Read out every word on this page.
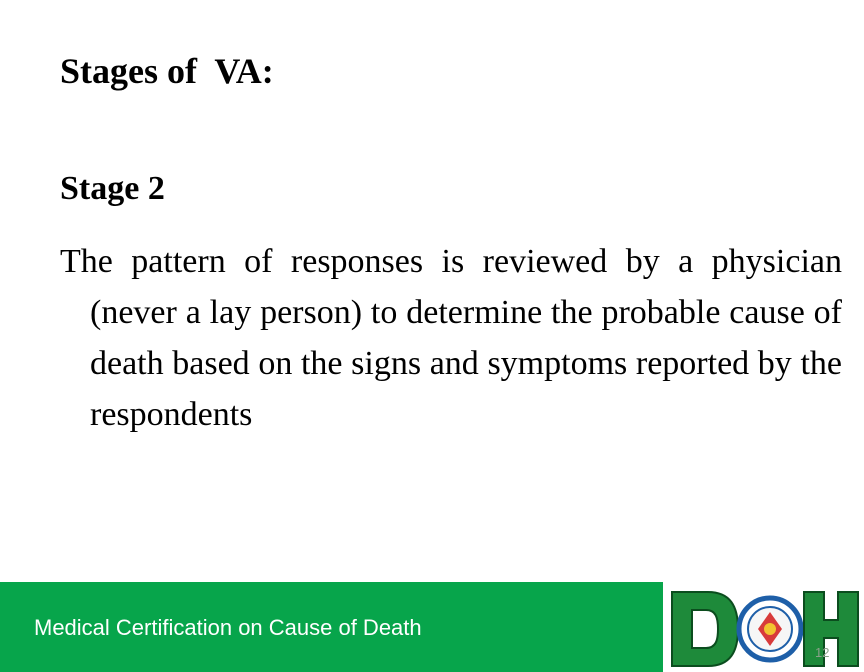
Stages of  VA:
Stage 2
The pattern of responses is reviewed by a physician (never a lay person) to determine the probable cause of death based on the signs and symptoms reported by the respondents
Medical Certification on Cause of Death
12
